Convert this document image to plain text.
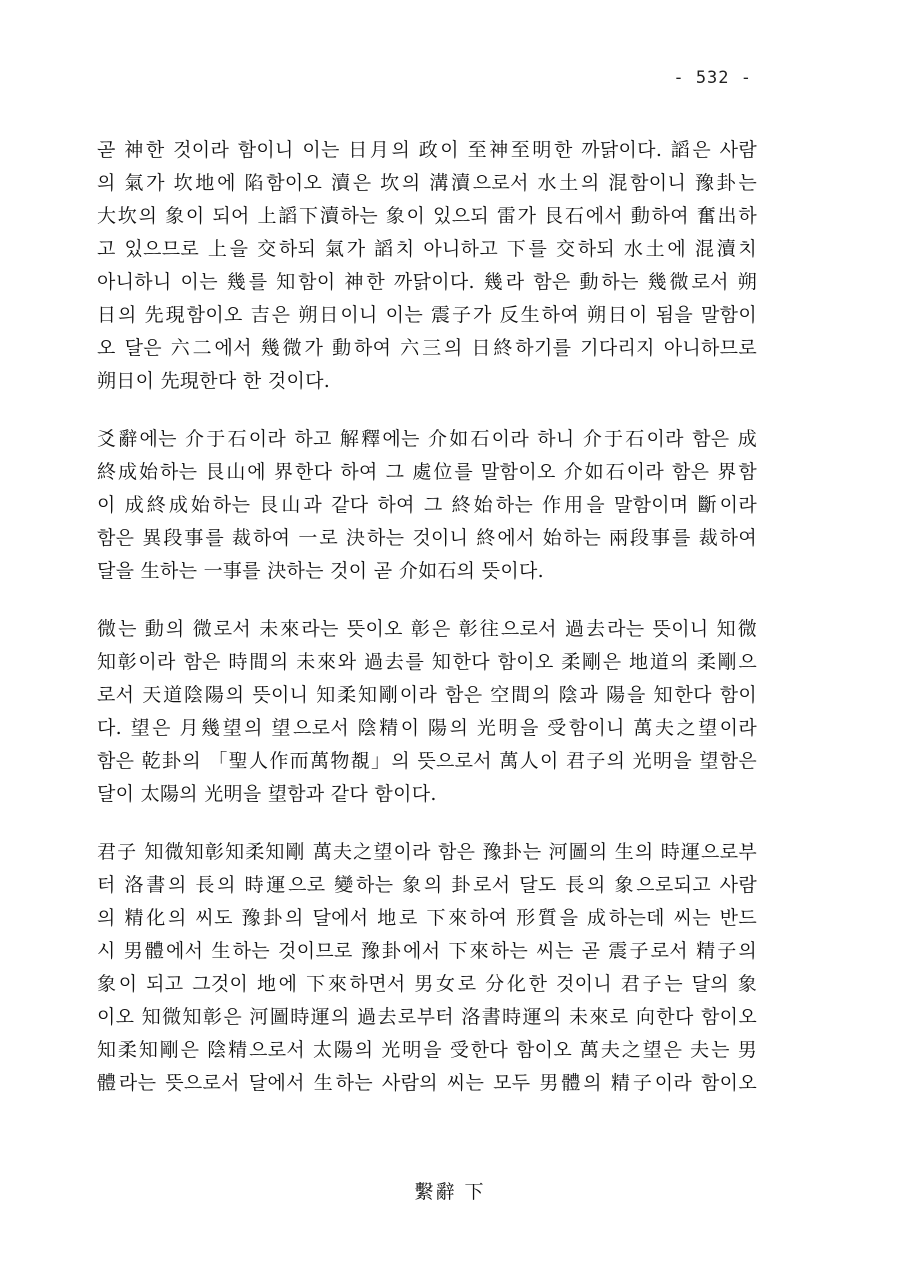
- 532 -
곧 神한 것이라 함이니 이는 日月의 政이 至神至明한 까닭이다. 謟은 사람
의 氣가 坎地에 陷함이오 瀆은 坎의 溝瀆으로서 水土의 混함이니 豫卦는
大坎의 象이 되어 上謟下瀆하는 象이 있으되 雷가 艮石에서 動하여 奮出하
고 있으므로 上을 交하되 氣가 謟치 아니하고 下를 交하되 水土에 混瀆치
아니하니 이는 幾를 知함이 神한 까닭이다. 幾라 함은 動하는 幾微로서 朔
日의 先現함이오 吉은 朔日이니 이는 震子가 反生하여 朔日이 됨을 말함이
오 달은 六二에서 幾微가 動하여 六三의 日終하기를 기다리지 아니하므로
朔日이 先現한다 한 것이다.
爻辭에는 介于石이라 하고 解釋에는 介如石이라 하니 介于石이라 함은 成
終成始하는 艮山에 界한다 하여 그 處位를 말함이오 介如石이라 함은 界함
이 成終成始하는 艮山과 같다 하여 그 終始하는 作用을 말함이며 斷이라
함은 異段事를 裁하여 一로 決하는 것이니 終에서 始하는 兩段事를 裁하여
달을 生하는 一事를 決하는 것이 곧 介如石의 뜻이다.
微는 動의 微로서 未來라는 뜻이오 彰은 彰往으로서 過去라는 뜻이니 知微
知彰이라 함은 時間의 未來와 過去를 知한다 함이오 柔剛은 地道의 柔剛으
로서 天道陰陽의 뜻이니 知柔知剛이라 함은 空間의 陰과 陽을 知한다 함이
다. 望은 月幾望의 望으로서 陰精이 陽의 光明을 受함이니 萬夫之望이라
함은 乾卦의 「聖人作而萬物覩」의 뜻으로서 萬人이 君子의 光明을 望함은
달이 太陽의 光明을 望함과 같다 함이다.
君子 知微知彰知柔知剛 萬夫之望이라 함은 豫卦는 河圖의 生의 時運으로부
터 洛書의 長의 時運으로 變하는 象의 卦로서 달도 長의 象으로되고 사람
의 精化의 씨도 豫卦의 달에서 地로 下來하여 形質을 成하는데 씨는 반드
시 男體에서 生하는 것이므로 豫卦에서 下來하는 씨는 곧 震子로서 精子의
象이 되고 그것이 地에 下來하면서 男女로 分化한 것이니 君子는 달의 象
이오 知微知彰은 河圖時運의 過去로부터 洛書時運의 未來로 向한다 함이오
知柔知剛은 陰精으로서 太陽의 光明을 受한다 함이오 萬夫之望은 夫는 男
體라는 뜻으로서 달에서 生하는 사람의 씨는 모두 男體의 精子이라 함이오
繫辭 下
